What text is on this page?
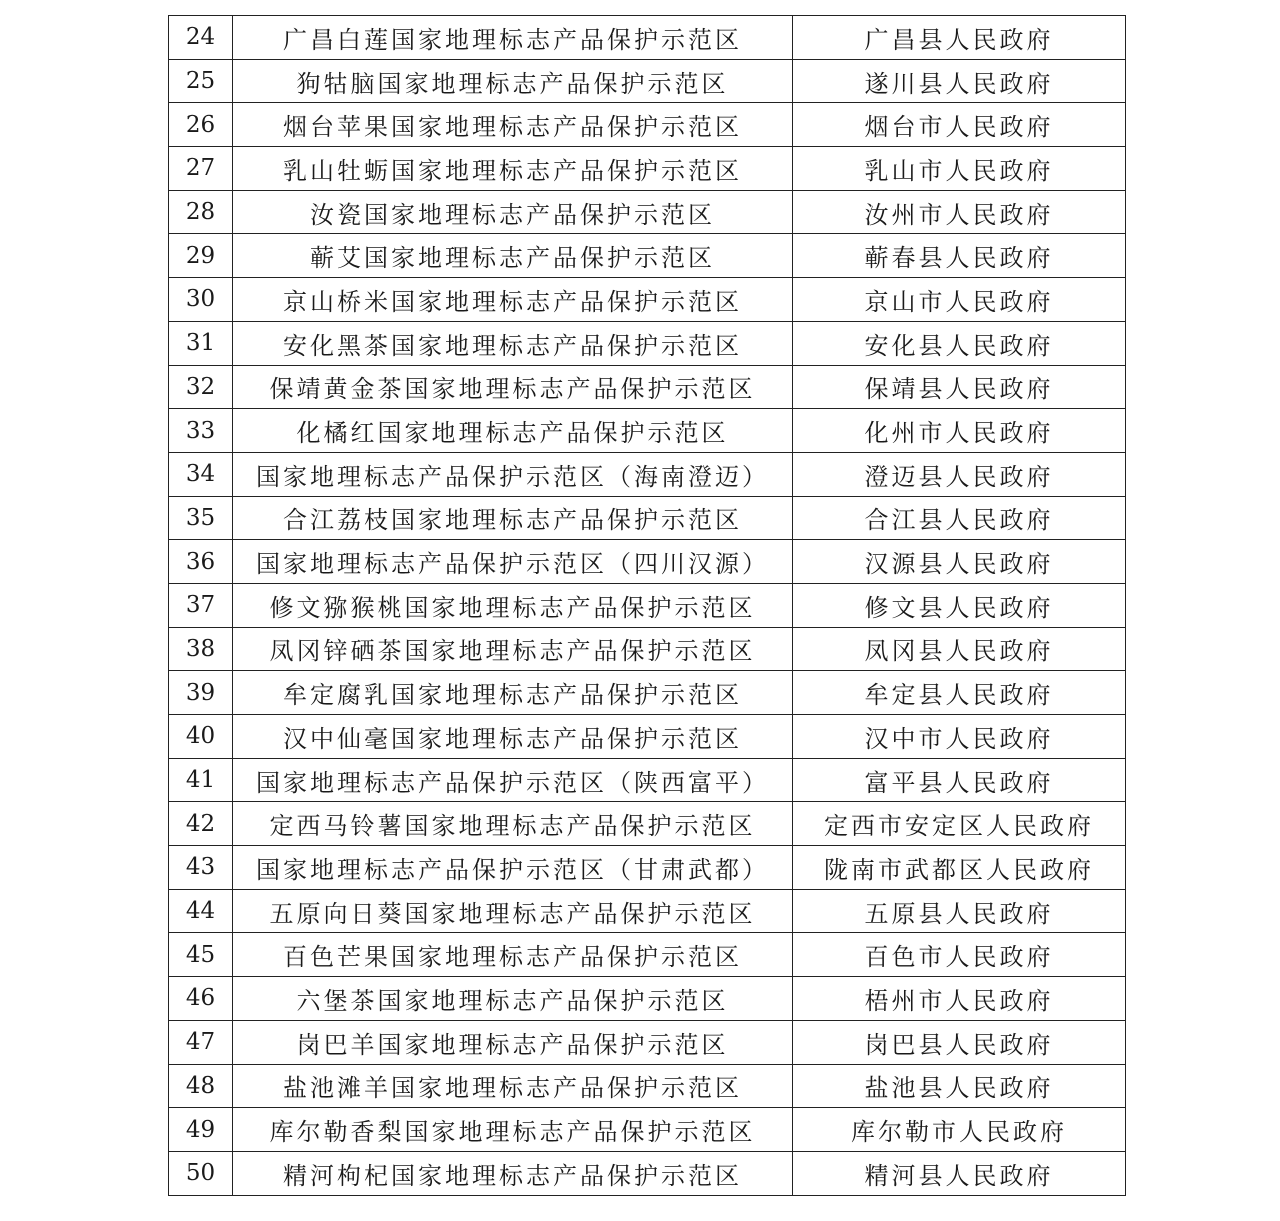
24	广昌白莲国家地理标志产品保护示范区	广昌县人民政府
25	狗牯脑国家地理标志产品保护示范区	遂川县人民政府
26	烟台苹果国家地理标志产品保护示范区	烟台市人民政府
27	乳山牡蛎国家地理标志产品保护示范区	乳山市人民政府
28	汝瓷国家地理标志产品保护示范区	汝州市人民政府
29	蕲艾国家地理标志产品保护示范区	蕲春县人民政府
30	京山桥米国家地理标志产品保护示范区	京山市人民政府
31	安化黑茶国家地理标志产品保护示范区	安化县人民政府
32	保靖黄金茶国家地理标志产品保护示范区	保靖县人民政府
33	化橘红国家地理标志产品保护示范区	化州市人民政府
34	国家地理标志产品保护示范区（海南澄迈）	澄迈县人民政府
35	合江荔枝国家地理标志产品保护示范区	合江县人民政府
36	国家地理标志产品保护示范区（四川汉源）	汉源县人民政府
37	修文猕猴桃国家地理标志产品保护示范区	修文县人民政府
38	凤冈锌硒茶国家地理标志产品保护示范区	凤冈县人民政府
39	牟定腐乳国家地理标志产品保护示范区	牟定县人民政府
40	汉中仙毫国家地理标志产品保护示范区	汉中市人民政府
41	国家地理标志产品保护示范区（陕西富平）	富平县人民政府
42	定西马铃薯国家地理标志产品保护示范区	定西市安定区人民政府
43	国家地理标志产品保护示范区（甘肃武都）	陇南市武都区人民政府
44	五原向日葵国家地理标志产品保护示范区	五原县人民政府
45	百色芒果国家地理标志产品保护示范区	百色市人民政府
46	六堡茶国家地理标志产品保护示范区	梧州市人民政府
47	岗巴羊国家地理标志产品保护示范区	岗巴县人民政府
48	盐池滩羊国家地理标志产品保护示范区	盐池县人民政府
49	库尔勒香梨国家地理标志产品保护示范区	库尔勒市人民政府
50	精河枸杞国家地理标志产品保护示范区	精河县人民政府
